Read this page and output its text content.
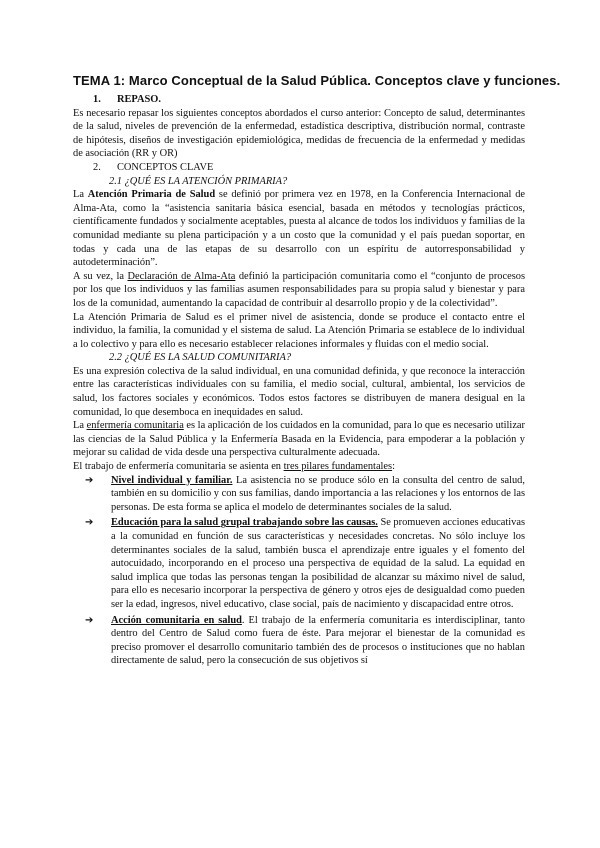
TEMA 1: Marco Conceptual de la Salud Pública. Conceptos clave y funciones.
1. REPASO.

Es necesario repasar los siguientes conceptos abordados el curso anterior: Concepto de salud, determinantes de la salud, niveles de prevención de la enfermedad, estadística descriptiva, distribución normal, contraste de hipótesis, diseños de investigación epidemiológica, medidas de frecuencia de la enfermedad y medidas de asociación (RR y OR)

2. CONCEPTOS CLAVE
2.1 ¿QUÉ ES LA ATENCIÓN PRIMARIA?

La Atención Primaria de Salud se definió por primera vez en 1978, en la Conferencia Internacional de Alma-Ata, como la “asistencia sanitaria básica esencial, basada en métodos y tecnologías prácticos, científicamente fundados y socialmente aceptables, puesta al alcance de todos los individuos y familias de la comunidad mediante su plena participación y a un costo que la comunidad y el país puedan soportar, en todas y cada una de las etapas de su desarrollo con un espíritu de autorresponsabilidad y autodeterminación”.

A su vez, la Declaración de Alma-Ata definió la participación comunitaria como el “conjunto de procesos por los que los individuos y las familias asumen responsabilidades para su propia salud y bienestar y para los de la comunidad, aumentando la capacidad de contribuir al desarrollo propio y de la colectividad”.

La Atención Primaria de Salud es el primer nivel de asistencia, donde se produce el contacto entre el individuo, la familia, la comunidad y el sistema de salud. La Atención Primaria se establece de lo individual a lo colectivo y para ello es necesario establecer relaciones informales y fluidas con el medio social.

2.2 ¿QUÉ ES LA SALUD COMUNITARIA?

Es una expresión colectiva de la salud individual, en una comunidad definida, y que reconoce la interacción entre las características individuales con su familia, el medio social, cultural, ambiental, los servicios de salud, los factores sociales y económicos. Todos estos factores se distribuyen de manera desigual en la comunidad, lo que desemboca en inequidades en salud.

La enfermería comunitaria es la aplicación de los cuidados en la comunidad, para lo que es necesario utilizar las ciencias de la Salud Pública y la Enfermería Basada en la Evidencia, para empoderar a la población y mejorar su calidad de vida desde una perspectiva culturalmente adecuada.

El trabajo de enfermería comunitaria se asienta en tres pilares fundamentales:

➔ Nivel individual y familiar. La asistencia no se produce sólo en la consulta del centro de salud, también en su domicilio y con sus familias, dando importancia a las relaciones y los entornos de las personas. De esta forma se aplica el modelo de determinantes sociales de la salud.
➔ Educación para la salud grupal trabajando sobre las causas. Se promueven acciones educativas a la comunidad en función de sus características y necesidades concretas. No sólo incluye los determinantes sociales de la salud, también busca el aprendizaje entre iguales y el fomento del autocuidado, incorporando en el proceso una perspectiva de equidad de la salud. La equidad en salud implica que todas las personas tengan la posibilidad de alcanzar su máximo nivel de salud, para ello es necesario incorporar la perspectiva de género y otros ejes de desigualdad como pueden ser la edad, ingresos, nivel educativo, clase social, país de nacimiento y discapacidad entre otros.
➔ Acción comunitaria en salud. El trabajo de la enfermería comunitaria es interdisciplinar, tanto dentro del Centro de Salud como fuera de éste. Para mejorar el bienestar de la comunidad es preciso promover el desarrollo comunitario también des de procesos o instituciones que no hablan directamente de salud, pero la consecución de sus objetivos sí
